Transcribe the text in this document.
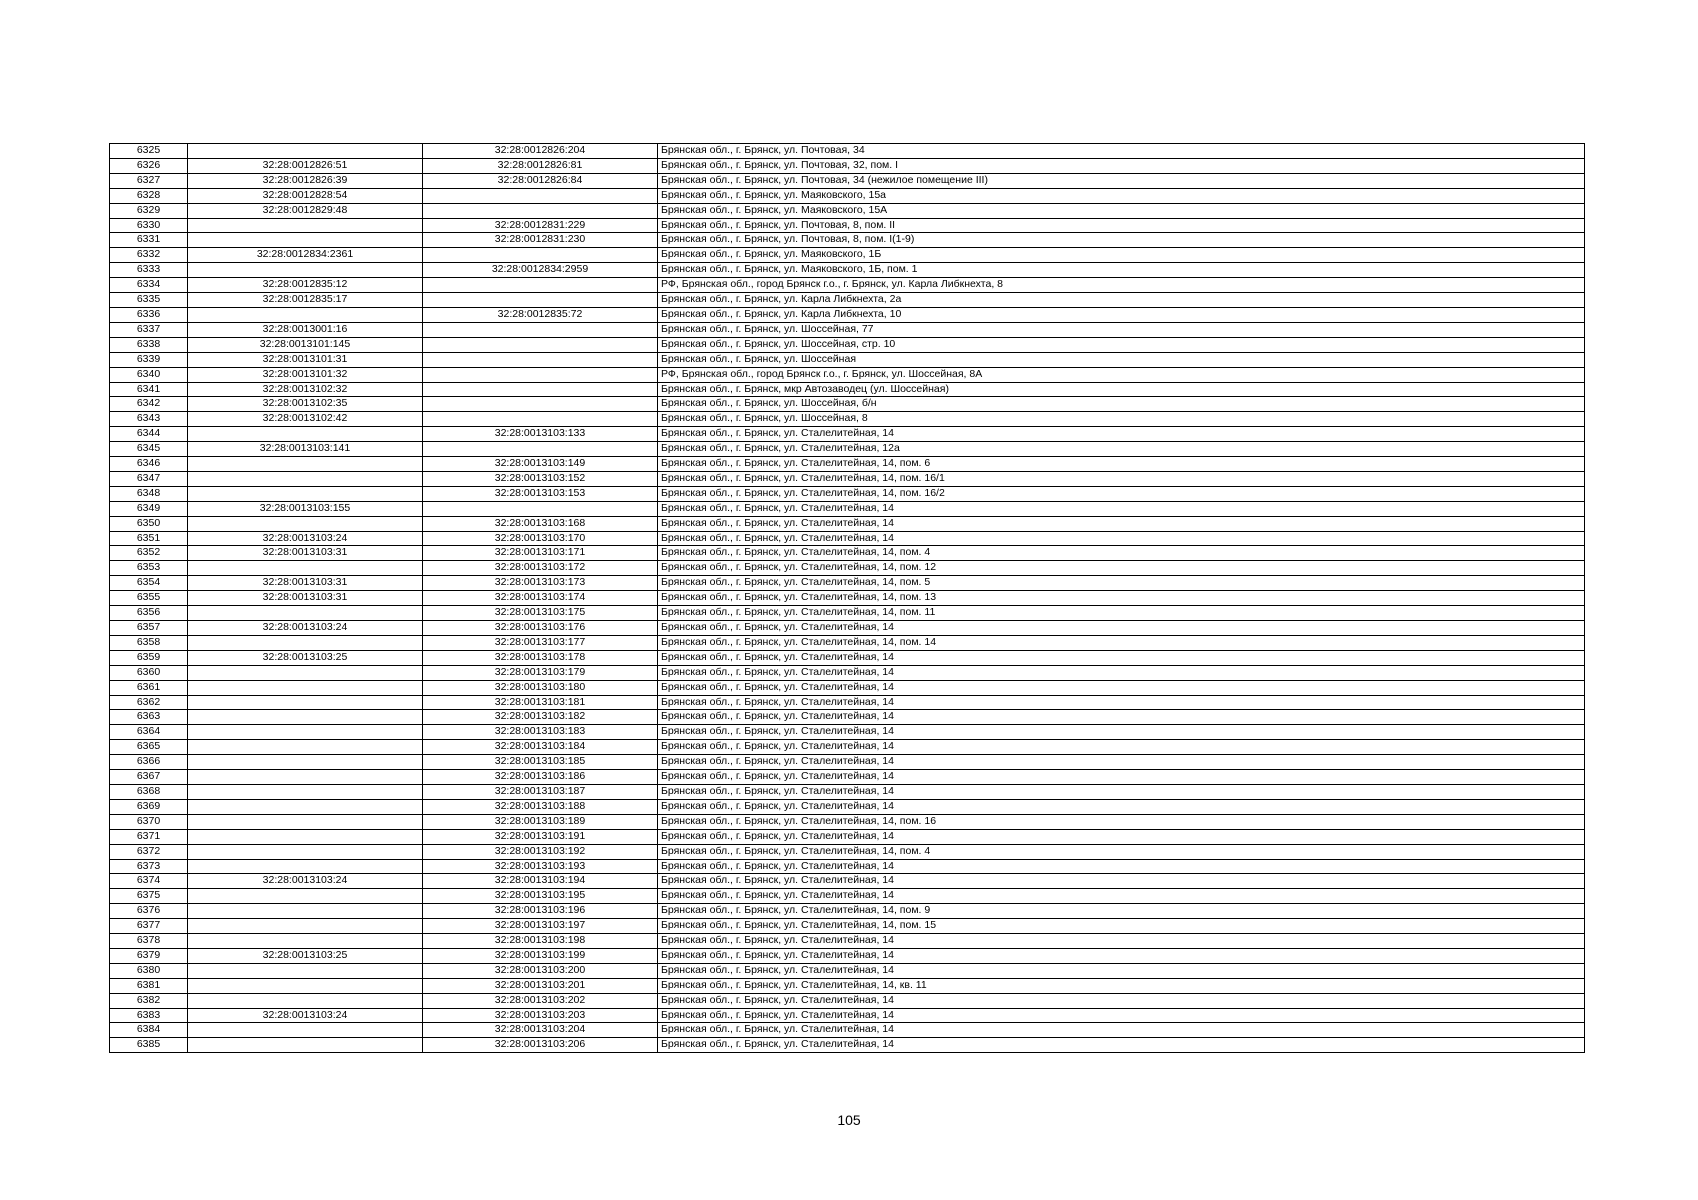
6325		32:28:0012826:204	Брянская обл., г. Брянск, ул. Почтовая, 34
6326	32:28:0012826:51	32:28:0012826:81	Брянская обл., г. Брянск, ул. Почтовая, 32, пом. I
6327	32:28:0012826:39	32:28:0012826:84	Брянская обл., г. Брянск, ул. Почтовая, 34 (нежилое помещение III)
6328	32:28:0012828:54		Брянская обл., г. Брянск, ул. Маяковского, 15а
6329	32:28:0012829:48		Брянская обл., г. Брянск, ул. Маяковского, 15А
6330		32:28:0012831:229	Брянская обл., г. Брянск, ул. Почтовая, 8, пом. II
6331		32:28:0012831:230	Брянская обл., г. Брянск, ул. Почтовая, 8, пом. I(1-9)
6332	32:28:0012834:2361		Брянская обл., г. Брянск, ул. Маяковского, 1Б
6333		32:28:0012834:2959	Брянская обл., г. Брянск, ул. Маяковского, 1Б, пом. 1
6334	32:28:0012835:12		РФ, Брянская обл., город Брянск г.о., г. Брянск, ул. Карла Либкнехта, 8
6335	32:28:0012835:17		Брянская обл., г. Брянск, ул. Карла Либкнехта, 2а
6336		32:28:0012835:72	Брянская обл., г. Брянск, ул. Карла Либкнехта, 10
6337	32:28:0013001:16		Брянская обл., г. Брянск, ул. Шоссейная, 77
6338	32:28:0013101:145		Брянская обл., г. Брянск, ул. Шоссейная, стр. 10
6339	32:28:0013101:31		Брянская обл., г. Брянск, ул. Шоссейная
6340	32:28:0013101:32		РФ, Брянская обл., город Брянск г.о., г. Брянск, ул. Шоссейная, 8А
6341	32:28:0013102:32		Брянская обл., г. Брянск, мкр Автозаводец (ул. Шоссейная)
6342	32:28:0013102:35		Брянская обл., г. Брянск, ул. Шоссейная, б/н
6343	32:28:0013102:42		Брянская обл., г. Брянск, ул. Шоссейная, 8
6344		32:28:0013103:133	Брянская обл., г. Брянск, ул. Сталелитейная, 14
6345	32:28:0013103:141		Брянская обл., г. Брянск, ул. Сталелитейная, 12а
6346		32:28:0013103:149	Брянская обл., г. Брянск, ул. Сталелитейная, 14, пом. 6
6347		32:28:0013103:152	Брянская обл., г. Брянск, ул. Сталелитейная, 14, пом. 16/1
6348		32:28:0013103:153	Брянская обл., г. Брянск, ул. Сталелитейная, 14, пом. 16/2
6349	32:28:0013103:155		Брянская обл., г. Брянск, ул. Сталелитейная, 14
6350		32:28:0013103:168	Брянская обл., г. Брянск, ул. Сталелитейная, 14
6351	32:28:0013103:24	32:28:0013103:170	Брянская обл., г. Брянск, ул. Сталелитейная, 14
6352	32:28:0013103:31	32:28:0013103:171	Брянская обл., г. Брянск, ул. Сталелитейная, 14, пом. 4
6353		32:28:0013103:172	Брянская обл., г. Брянск, ул. Сталелитейная, 14, пом. 12
6354	32:28:0013103:31	32:28:0013103:173	Брянская обл., г. Брянск, ул. Сталелитейная, 14, пом. 5
6355	32:28:0013103:31	32:28:0013103:174	Брянская обл., г. Брянск, ул. Сталелитейная, 14, пом. 13
6356		32:28:0013103:175	Брянская обл., г. Брянск, ул. Сталелитейная, 14, пом. 11
6357	32:28:0013103:24	32:28:0013103:176	Брянская обл., г. Брянск, ул. Сталелитейная, 14
6358		32:28:0013103:177	Брянская обл., г. Брянск, ул. Сталелитейная, 14, пом. 14
6359	32:28:0013103:25	32:28:0013103:178	Брянская обл., г. Брянск, ул. Сталелитейная, 14
6360		32:28:0013103:179	Брянская обл., г. Брянск, ул. Сталелитейная, 14
6361		32:28:0013103:180	Брянская обл., г. Брянск, ул. Сталелитейная, 14
6362		32:28:0013103:181	Брянская обл., г. Брянск, ул. Сталелитейная, 14
6363		32:28:0013103:182	Брянская обл., г. Брянск, ул. Сталелитейная, 14
6364		32:28:0013103:183	Брянская обл., г. Брянск, ул. Сталелитейная, 14
6365		32:28:0013103:184	Брянская обл., г. Брянск, ул. Сталелитейная, 14
6366		32:28:0013103:185	Брянская обл., г. Брянск, ул. Сталелитейная, 14
6367		32:28:0013103:186	Брянская обл., г. Брянск, ул. Сталелитейная, 14
6368		32:28:0013103:187	Брянская обл., г. Брянск, ул. Сталелитейная, 14
6369		32:28:0013103:188	Брянская обл., г. Брянск, ул. Сталелитейная, 14
6370		32:28:0013103:189	Брянская обл., г. Брянск, ул. Сталелитейная, 14, пом. 16
6371		32:28:0013103:191	Брянская обл., г. Брянск, ул. Сталелитейная, 14
6372		32:28:0013103:192	Брянская обл., г. Брянск, ул. Сталелитейная, 14, пом. 4
6373		32:28:0013103:193	Брянская обл., г. Брянск, ул. Сталелитейная, 14
6374	32:28:0013103:24	32:28:0013103:194	Брянская обл., г. Брянск, ул. Сталелитейная, 14
6375		32:28:0013103:195	Брянская обл., г. Брянск, ул. Сталелитейная, 14
6376		32:28:0013103:196	Брянская обл., г. Брянск, ул. Сталелитейная, 14, пом. 9
6377		32:28:0013103:197	Брянская обл., г. Брянск, ул. Сталелитейная, 14, пом. 15
6378		32:28:0013103:198	Брянская обл., г. Брянск, ул. Сталелитейная, 14
6379	32:28:0013103:25	32:28:0013103:199	Брянская обл., г. Брянск, ул. Сталелитейная, 14
6380		32:28:0013103:200	Брянская обл., г. Брянск, ул. Сталелитейная, 14
6381		32:28:0013103:201	Брянская обл., г. Брянск, ул. Сталелитейная, 14, кв. 11
6382		32:28:0013103:202	Брянская обл., г. Брянск, ул. Сталелитейная, 14
6383	32:28:0013103:24	32:28:0013103:203	Брянская обл., г. Брянск, ул. Сталелитейная, 14
6384		32:28:0013103:204	Брянская обл., г. Брянск, ул. Сталелитейная, 14
6385		32:28:0013103:206	Брянская обл., г. Брянск, ул. Сталелитейная, 14
105
